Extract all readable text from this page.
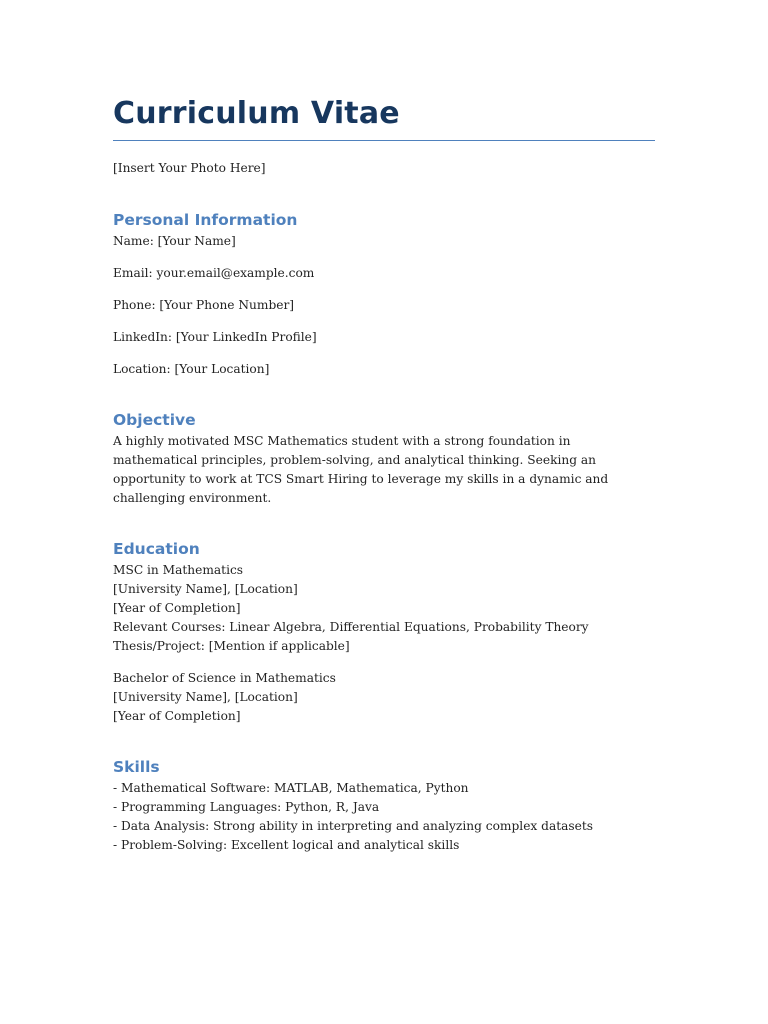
Curriculum Vitae
[Insert Your Photo Here]
Personal Information

Name: [Your Name]

Email: your.email@example.com

Phone: [Your Phone Number]

LinkedIn: [Your LinkedIn Profile]

Location: [Your Location]

Objective

A highly motivated MSC Mathematics student with a strong foundation in mathematical principles, problem-solving, and analytical thinking. Seeking an opportunity to work at TCS Smart Hiring to leverage my skills in a dynamic and challenging environment.

Education
MSC in Mathematics
[University Name], [Location]
[Year of Completion]
Relevant Courses: Linear Algebra, Differential Equations, Probability Theory
Thesis/Project: [Mention if applicable]
Bachelor of Science in Mathematics
[University Name], [Location]
[Year of Completion]
Skills
- Mathematical Software: MATLAB, Mathematica, Python
- Programming Languages: Python, R, Java
- Data Analysis: Strong ability in interpreting and analyzing complex datasets
- Problem-Solving: Excellent logical and analytical skills
